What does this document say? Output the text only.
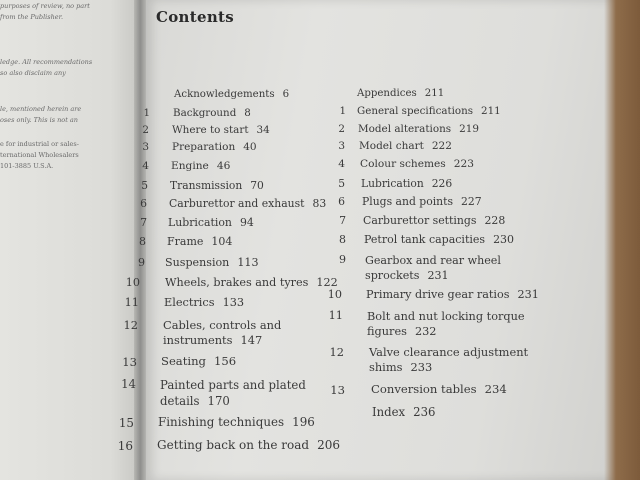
purposes of review, no part
from the Publisher.
ledge. All recommendations
so also disclaim any
le, mentioned herein are
oses only. This is not an
e for industrial or sales-
ternational Wholesalers
101-3885 U.S.A.
Contents
Acknowledgements 6
1 Background 8
2 Where to start 34
3 Preparation 40
4 Engine 46
5 Transmission 70
6 Carburettor and exhaust 83
7 Lubrication 94
8 Frame 104
9 Suspension 113
10 Wheels, brakes and tyres 122
11 Electrics 133
12 Cables, controls and
instruments 147
13 Seating 156
14 Painted parts and plated
details 170
15 Finishing techniques 196
16 Getting back on the road 206
Appendices 211
1 General specifications 211
2 Model alterations 219
3 Model chart 222
4 Colour schemes 223
5 Lubrication 226
6 Plugs and points 227
7 Carburettor settings 228
8 Petrol tank capacities 230
9 Gearbox and rear wheel
sprockets 231
10 Primary drive gear ratios 231
11 Bolt and nut locking torque
figures 232
12 Valve clearance adjustment
shims 233
13 Conversion tables 234
Index 236
